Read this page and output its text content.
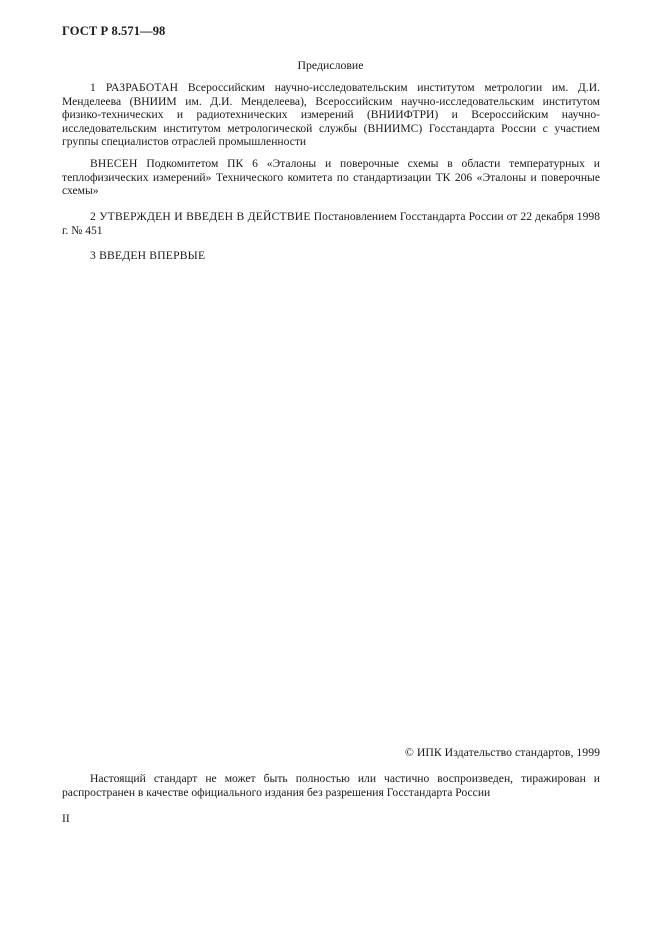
ГОСТ Р 8.571—98
Предисловие

1 РАЗРАБОТАН Всероссийским научно-исследовательским институтом метрологии им. Д.И. Менделеева (ВНИИМ им. Д.И. Менделеева), Всероссийским научно-исследовательским институтом физико-технических и радиотехнических измерений (ВНИИФТРИ) и Всероссийским научно-исследовательским институтом метрологической службы (ВНИИМС) Госстандарта России с участием группы специалистов отраслей промышленности

ВНЕСЕН Подкомитетом ПК 6 «Эталоны и поверочные схемы в области температурных и теплофизических измерений» Технического комитета по стандартизации ТК 206 «Эталоны и поверочные схемы»

2 УТВЕРЖДЕН И ВВЕДЕН В ДЕЙСТВИЕ Постановлением Госстандарта России от 22 декабря 1998 г. № 451

3 ВВЕДЕН ВПЕРВЫЕ

© ИПК Издательство стандартов, 1999

Настоящий стандарт не может быть полностью или частично воспроизведен, тиражирован и распространен в качестве официального издания без разрешения Госстандарта России

II
